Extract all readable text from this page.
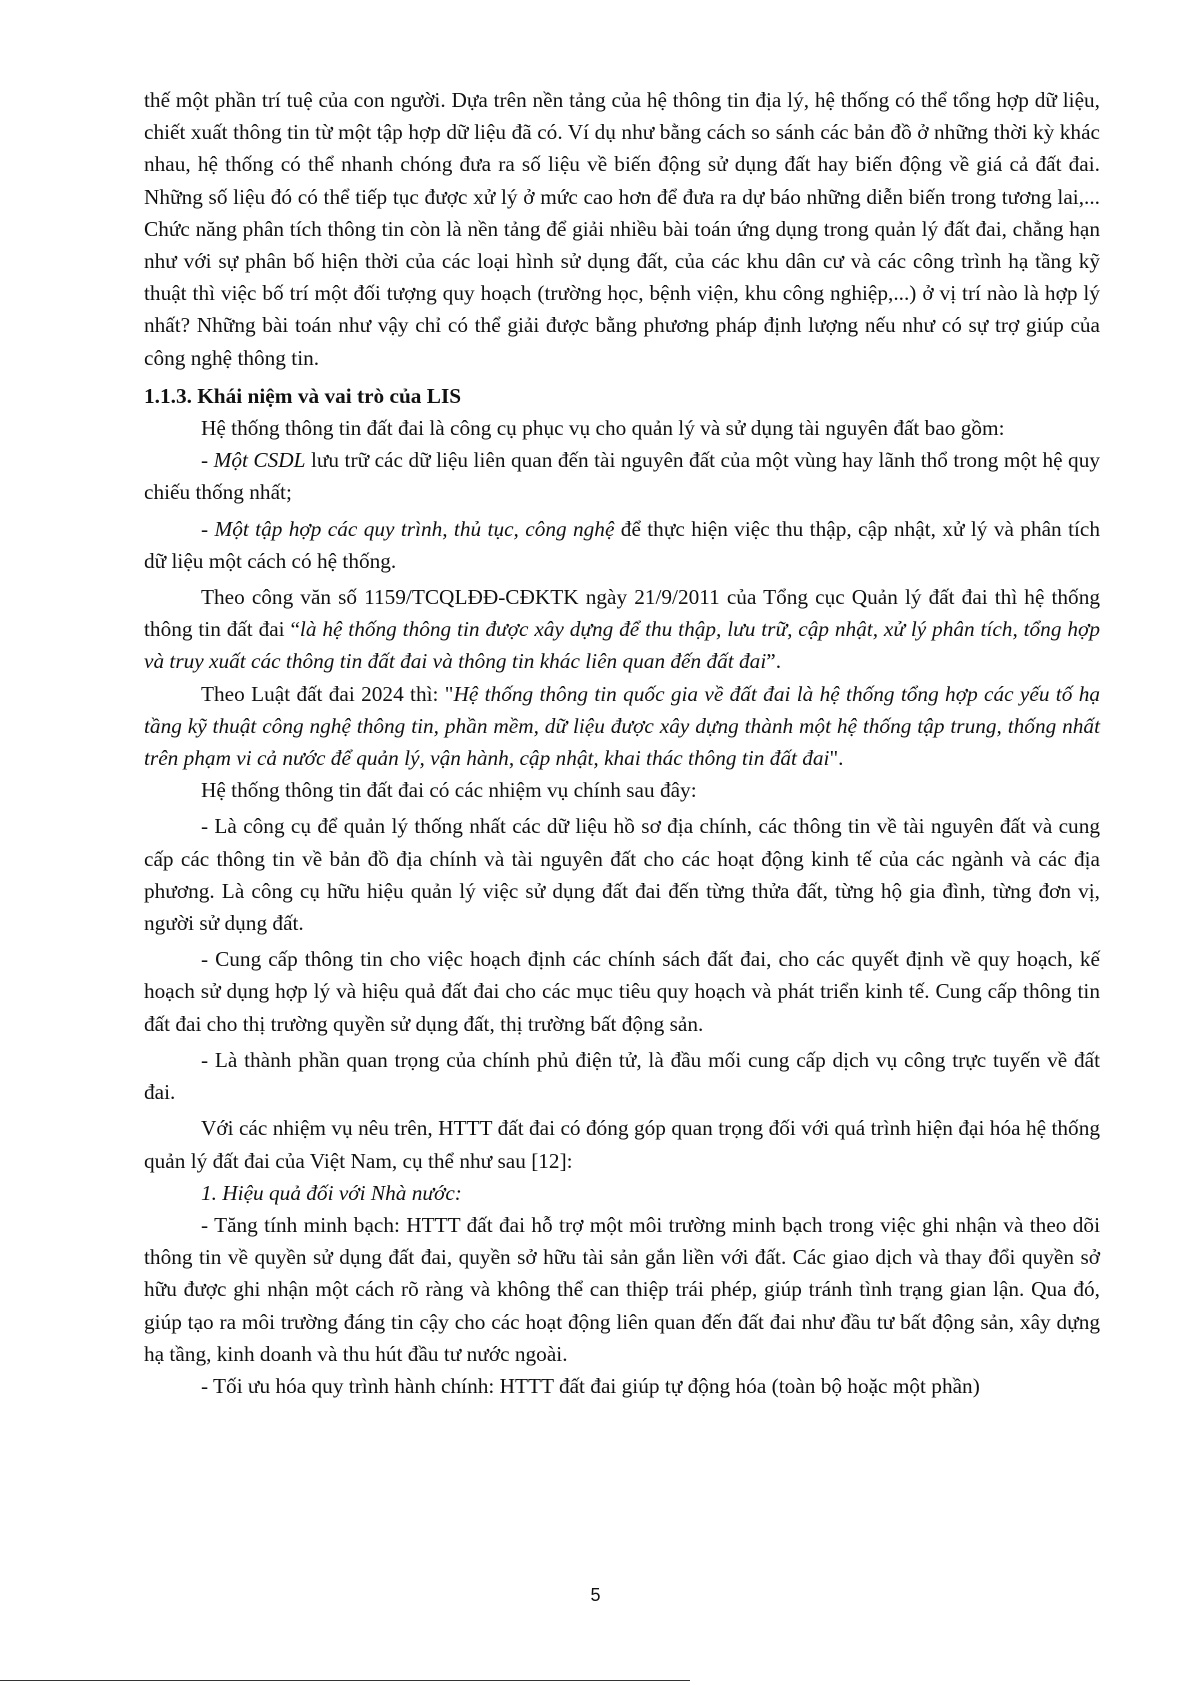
thế một phần trí tuệ của con người. Dựa trên nền tảng của hệ thông tin địa lý, hệ thống có thể tổng hợp dữ liệu, chiết xuất thông tin từ một tập hợp dữ liệu đã có. Ví dụ như bằng cách so sánh các bản đồ ở những thời kỳ khác nhau, hệ thống có thể nhanh chóng đưa ra số liệu về biến động sử dụng đất hay biến động về giá cả đất đai. Những số liệu đó có thể tiếp tục được xử lý ở mức cao hơn để đưa ra dự báo những diễn biến trong tương lai,... Chức năng phân tích thông tin còn là nền tảng để giải nhiều bài toán ứng dụng trong quản lý đất đai, chẳng hạn như với sự phân bố hiện thời của các loại hình sử dụng đất, của các khu dân cư và các công trình hạ tầng kỹ thuật thì việc bố trí một đối tượng quy hoạch (trường học, bệnh viện, khu công nghiệp,...) ở vị trí nào là hợp lý nhất? Những bài toán như vậy chỉ có thể giải được bằng phương pháp định lượng nếu như có sự trợ giúp của công nghệ thông tin.

1.1.3. Khái niệm và vai trò của LIS

Hệ thống thông tin đất đai là công cụ phục vụ cho quản lý và sử dụng tài nguyên đất bao gồm:

- Một CSDL lưu trữ các dữ liệu liên quan đến tài nguyên đất của một vùng hay lãnh thổ trong một hệ quy chiếu thống nhất;

- Một tập hợp các quy trình, thủ tục, công nghệ để thực hiện việc thu thập, cập nhật, xử lý và phân tích dữ liệu một cách có hệ thống.

Theo công văn số 1159/TCQLĐĐ-CĐKTK ngày 21/9/2011 của Tổng cục Quản lý đất đai thì hệ thống thông tin đất đai “là hệ thống thông tin được xây dựng để thu thập, lưu trữ, cập nhật, xử lý phân tích, tổng hợp và truy xuất các thông tin đất đai và thông tin khác liên quan đến đất đai”.

Theo Luật đất đai 2024 thì: "Hệ thống thông tin quốc gia về đất đai là hệ thống tổng hợp các yếu tố hạ tầng kỹ thuật công nghệ thông tin, phần mềm, dữ liệu được xây dựng thành một hệ thống tập trung, thống nhất trên phạm vi cả nước để quản lý, vận hành, cập nhật, khai thác thông tin đất đai".

Hệ thống thông tin đất đai có các nhiệm vụ chính sau đây:

- Là công cụ để quản lý thống nhất các dữ liệu hồ sơ địa chính, các thông tin về tài nguyên đất và cung cấp các thông tin về bản đồ địa chính và tài nguyên đất cho các hoạt động kinh tế của các ngành và các địa phương. Là công cụ hữu hiệu quản lý việc sử dụng đất đai đến từng thửa đất, từng hộ gia đình, từng đơn vị, người sử dụng đất.

- Cung cấp thông tin cho việc hoạch định các chính sách đất đai, cho các quyết định về quy hoạch, kế hoạch sử dụng hợp lý và hiệu quả đất đai cho các mục tiêu quy hoạch và phát triển kinh tế. Cung cấp thông tin đất đai cho thị trường quyền sử dụng đất, thị trường bất động sản.

- Là thành phần quan trọng của chính phủ điện tử, là đầu mối cung cấp dịch vụ công trực tuyến về đất đai.

Với các nhiệm vụ nêu trên, HTTT đất đai có đóng góp quan trọng đối với quá trình hiện đại hóa hệ thống quản lý đất đai của Việt Nam, cụ thể như sau [12]:

1. Hiệu quả đối với Nhà nước:

- Tăng tính minh bạch: HTTT đất đai hỗ trợ một môi trường minh bạch trong việc ghi nhận và theo dõi thông tin về quyền sử dụng đất đai, quyền sở hữu tài sản gắn liền với đất. Các giao dịch và thay đổi quyền sở hữu được ghi nhận một cách rõ ràng và không thể can thiệp trái phép, giúp tránh tình trạng gian lận. Qua đó, giúp tạo ra môi trường đáng tin cậy cho các hoạt động liên quan đến đất đai như đầu tư bất động sản, xây dựng hạ tầng, kinh doanh và thu hút đầu tư nước ngoài.

- Tối ưu hóa quy trình hành chính: HTTT đất đai giúp tự động hóa (toàn bộ hoặc một phần)

5
